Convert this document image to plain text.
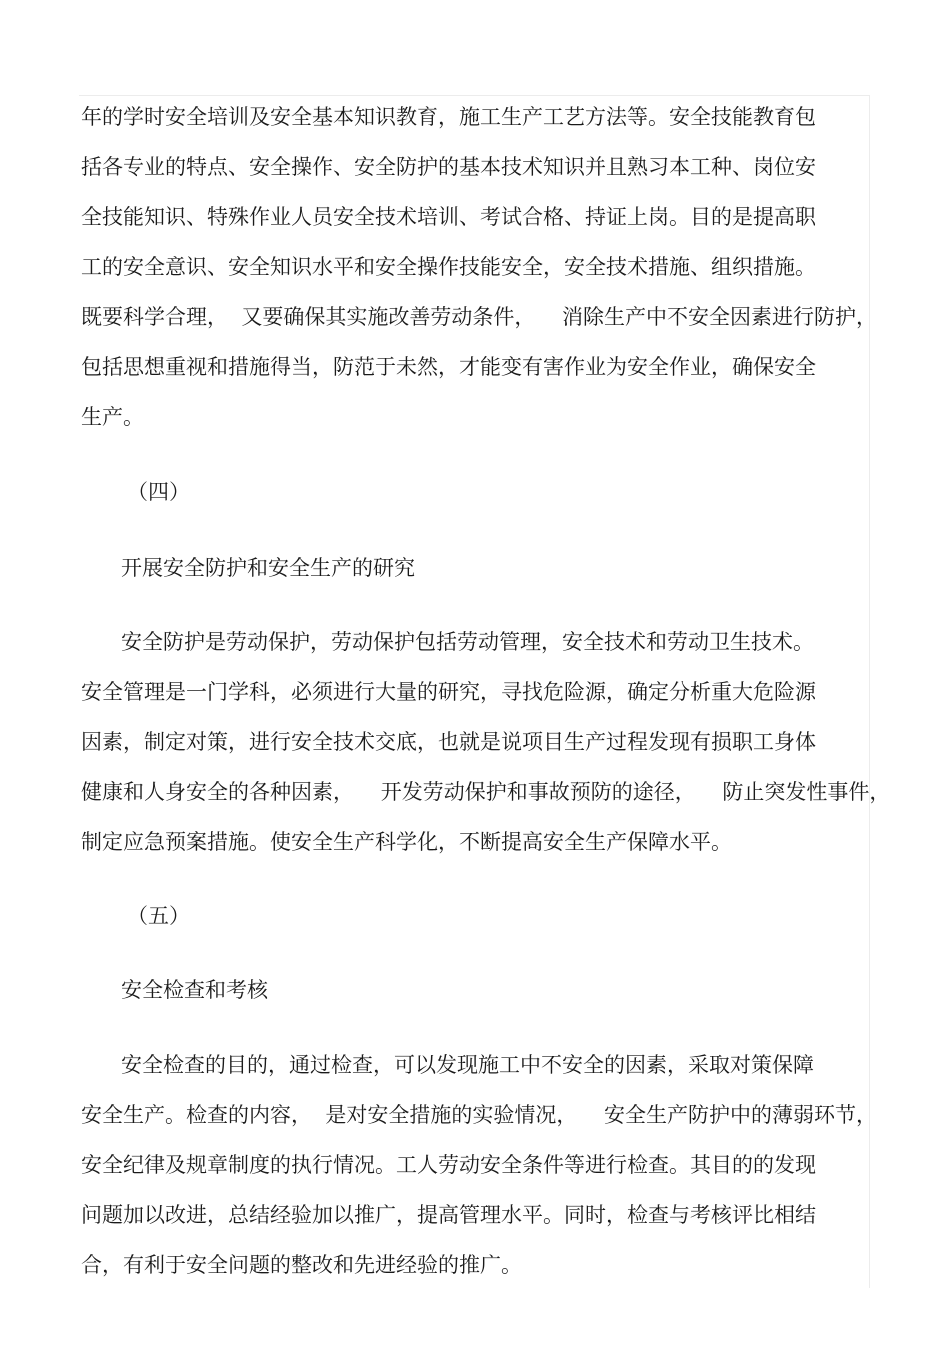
年的学时安全培训及安全基本知识教育，施工生产工艺方法等。安全技能教育包
括各专业的特点、安全操作、安全防护的基本技术知识并且熟习本工种、岗位安
全技能知识、特殊作业人员安全技术培训、考试合格、持证上岗。目的是提高职
工的安全意识、安全知识水平和安全操作技能安全，安全技术措施、组织措施。
既要科学合理，  又要确保其实施改善劳动条件，    消除生产中不安全因素进行防护，
包括思想重视和措施得当，防范于未然，才能变有害作业为安全作业，确保安全
生产。
（四）
开展安全防护和安全生产的研究
安全防护是劳动保护，劳动保护包括劳动管理，安全技术和劳动卫生技术。
安全管理是一门学科，必须进行大量的研究，寻找危险源，确定分析重大危险源
因素，制定对策，进行安全技术交底，也就是说项目生产过程发现有损职工身体
健康和人身安全的各种因素，    开发劳动保护和事故预防的途径，    防止突发性事件，
制定应急预案措施。使安全生产科学化，不断提高安全生产保障水平。
（五）
安全检查和考核
安全检查的目的，通过检查，可以发现施工中不安全的因素，采取对策保障
安全生产。检查的内容，  是对安全措施的实验情况，    安全生产防护中的薄弱环节，
安全纪律及规章制度的执行情况。工人劳动安全条件等进行检查。其目的的发现
问题加以改进，总结经验加以推广，提高管理水平。同时，检查与考核评比相结
合，有利于安全问题的整改和先进经验的推广。
